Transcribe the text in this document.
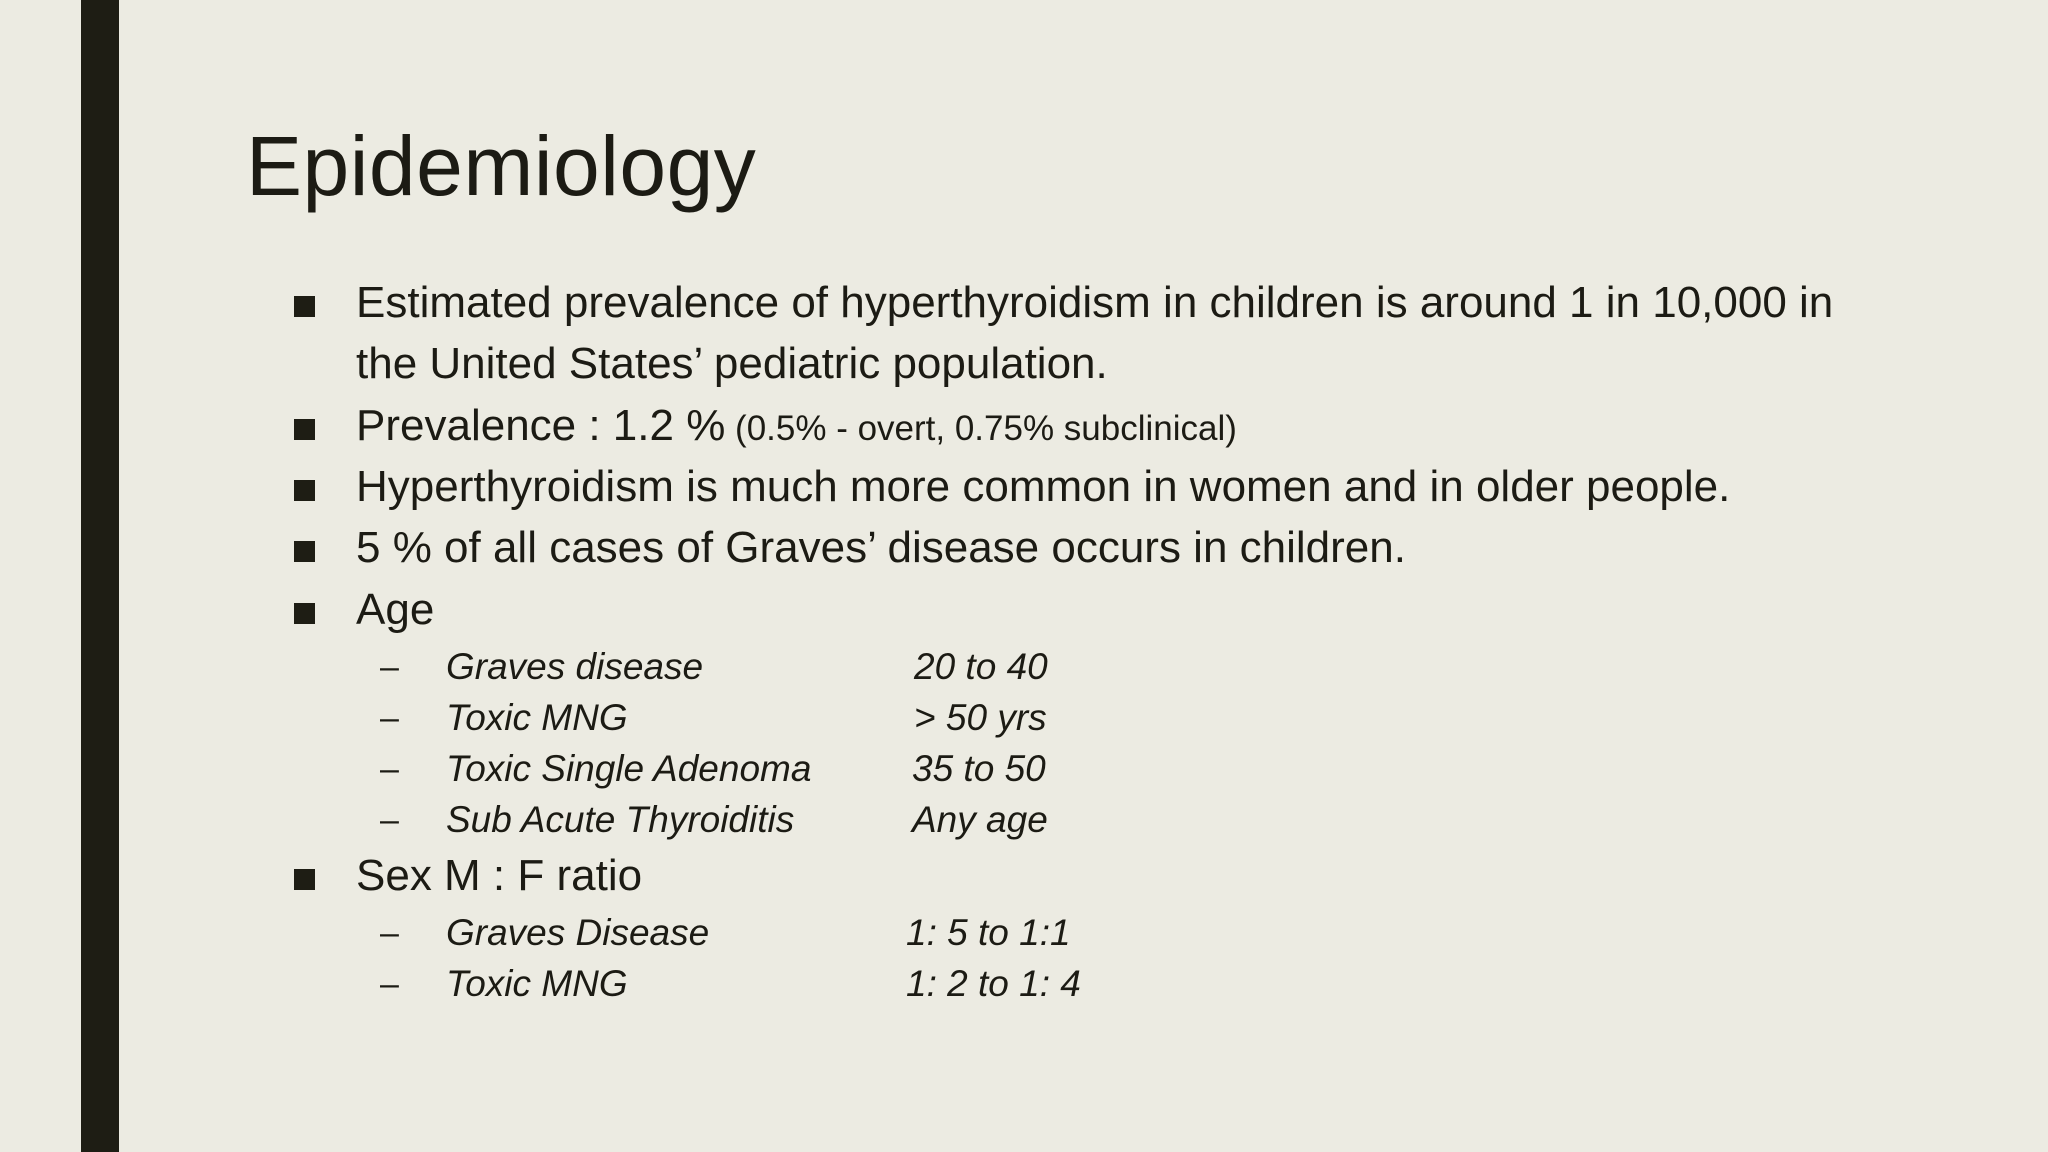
Epidemiology
Estimated prevalence of hyperthyroidism in children is around 1 in 10,000 in
the United States’ pediatric population.
Prevalence : 1.2 % (0.5% - overt, 0.75% subclinical)
Hyperthyroidism is much more common in women and in older people.
5 % of all cases of Graves’ disease occurs in children.
Age
– Graves disease	20 to 40
– Toxic MNG	> 50 yrs
– Toxic Single Adenoma	35 to 50
– Sub Acute Thyroiditis	Any age
Sex M : F ratio
– Graves Disease	1: 5 to 1:1
– Toxic MNG	1: 2 to 1: 4
